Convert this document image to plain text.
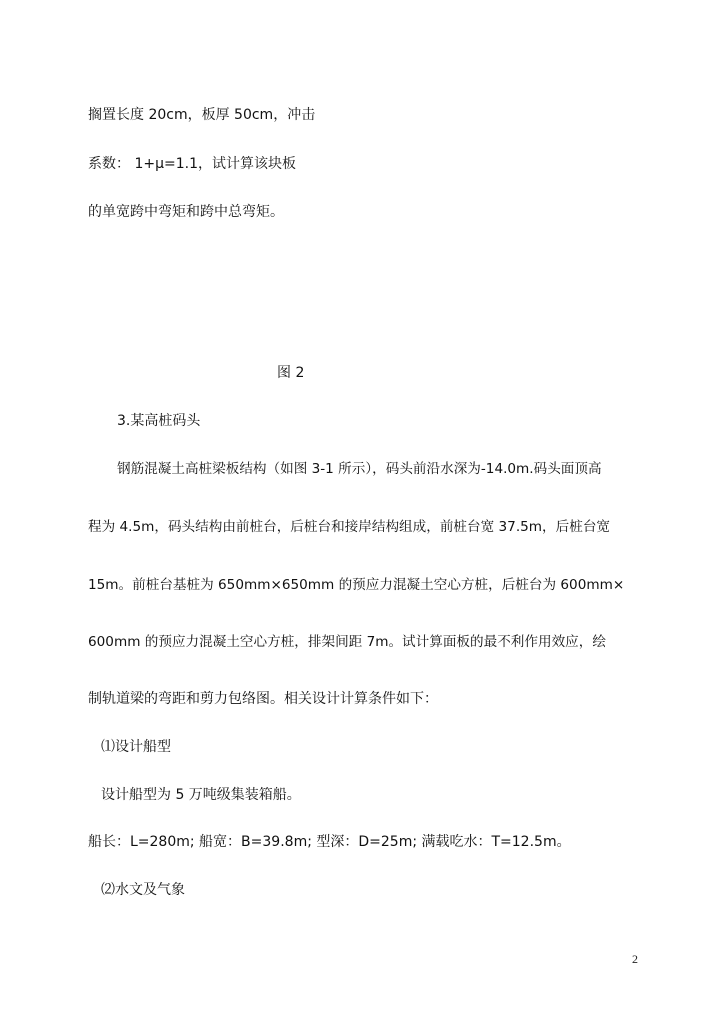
搁置长度 20cm，板厚 50cm，冲击

系数： 1+μ=1.1，试计算该块板

的单宽跨中弯矩和跨中总弯矩。

图 2

3.某高桩码头

钢筋混凝土高桩梁板结构（如图 3-1 所示），码头前沿水深为-14.0m.码头面顶高

程为 4.5m，码头结构由前桩台，后桩台和接岸结构组成，前桩台宽 37.5m，后桩台宽

15m。前桩台基桩为 650mm×650mm 的预应力混凝土空心方桩，后桩台为 600mm×

600mm 的预应力混凝土空心方桩，排架间距 7m。试计算面板的最不利作用效应，绘

制轨道梁的弯距和剪力包络图。相关设计计算条件如下：

⑴设计船型

设计船型为 5 万吨级集装箱船。

船长：L=280m; 船宽：B=39.8m; 型深：D=25m; 满载吃水：T=12.5m。

⑵水文及气象

2
